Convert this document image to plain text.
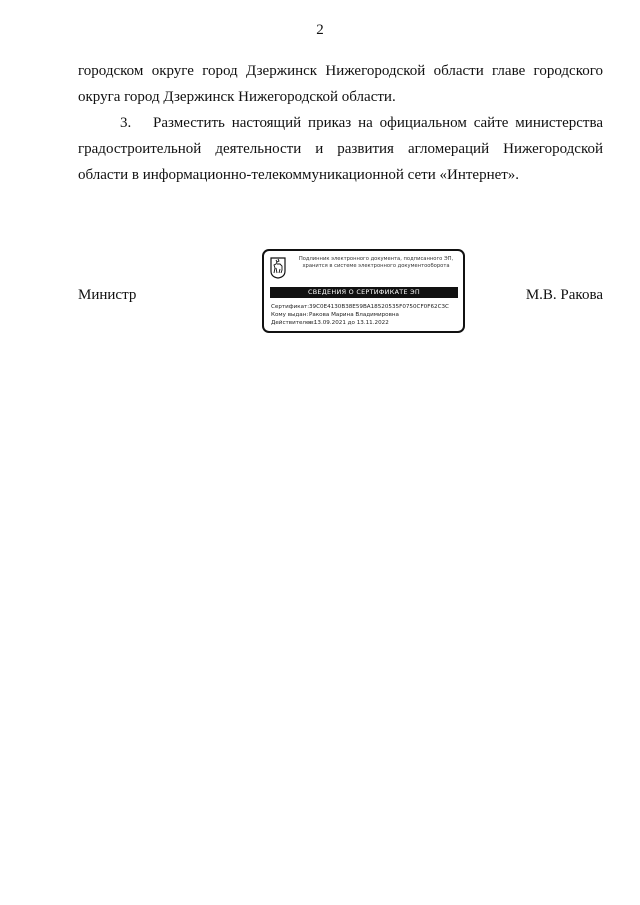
2
городском округе город Дзержинск Нижегородской области главе городского
округа город Дзержинск Нижегородской области.
3. Разместить настоящий приказ на официальном сайте министерства
градостроительной деятельности и развития агломераций Нижегородской
области в информационно-телекоммуникационной сети «Интернет».
Министр	М.В. Ракова
Подлинник электронного документа, подписанного ЭП,
хранится в системе электронного документооборота
СВЕДЕНИЯ О СЕРТИФИКАТЕ ЭП
Сертификат:39C0E4130B38E59BA18520535F0750CF0F62C3C
Кому выдан:Ракова Марина Владимировна
Действителен:с 13.09.2021 до 13.11.2022
